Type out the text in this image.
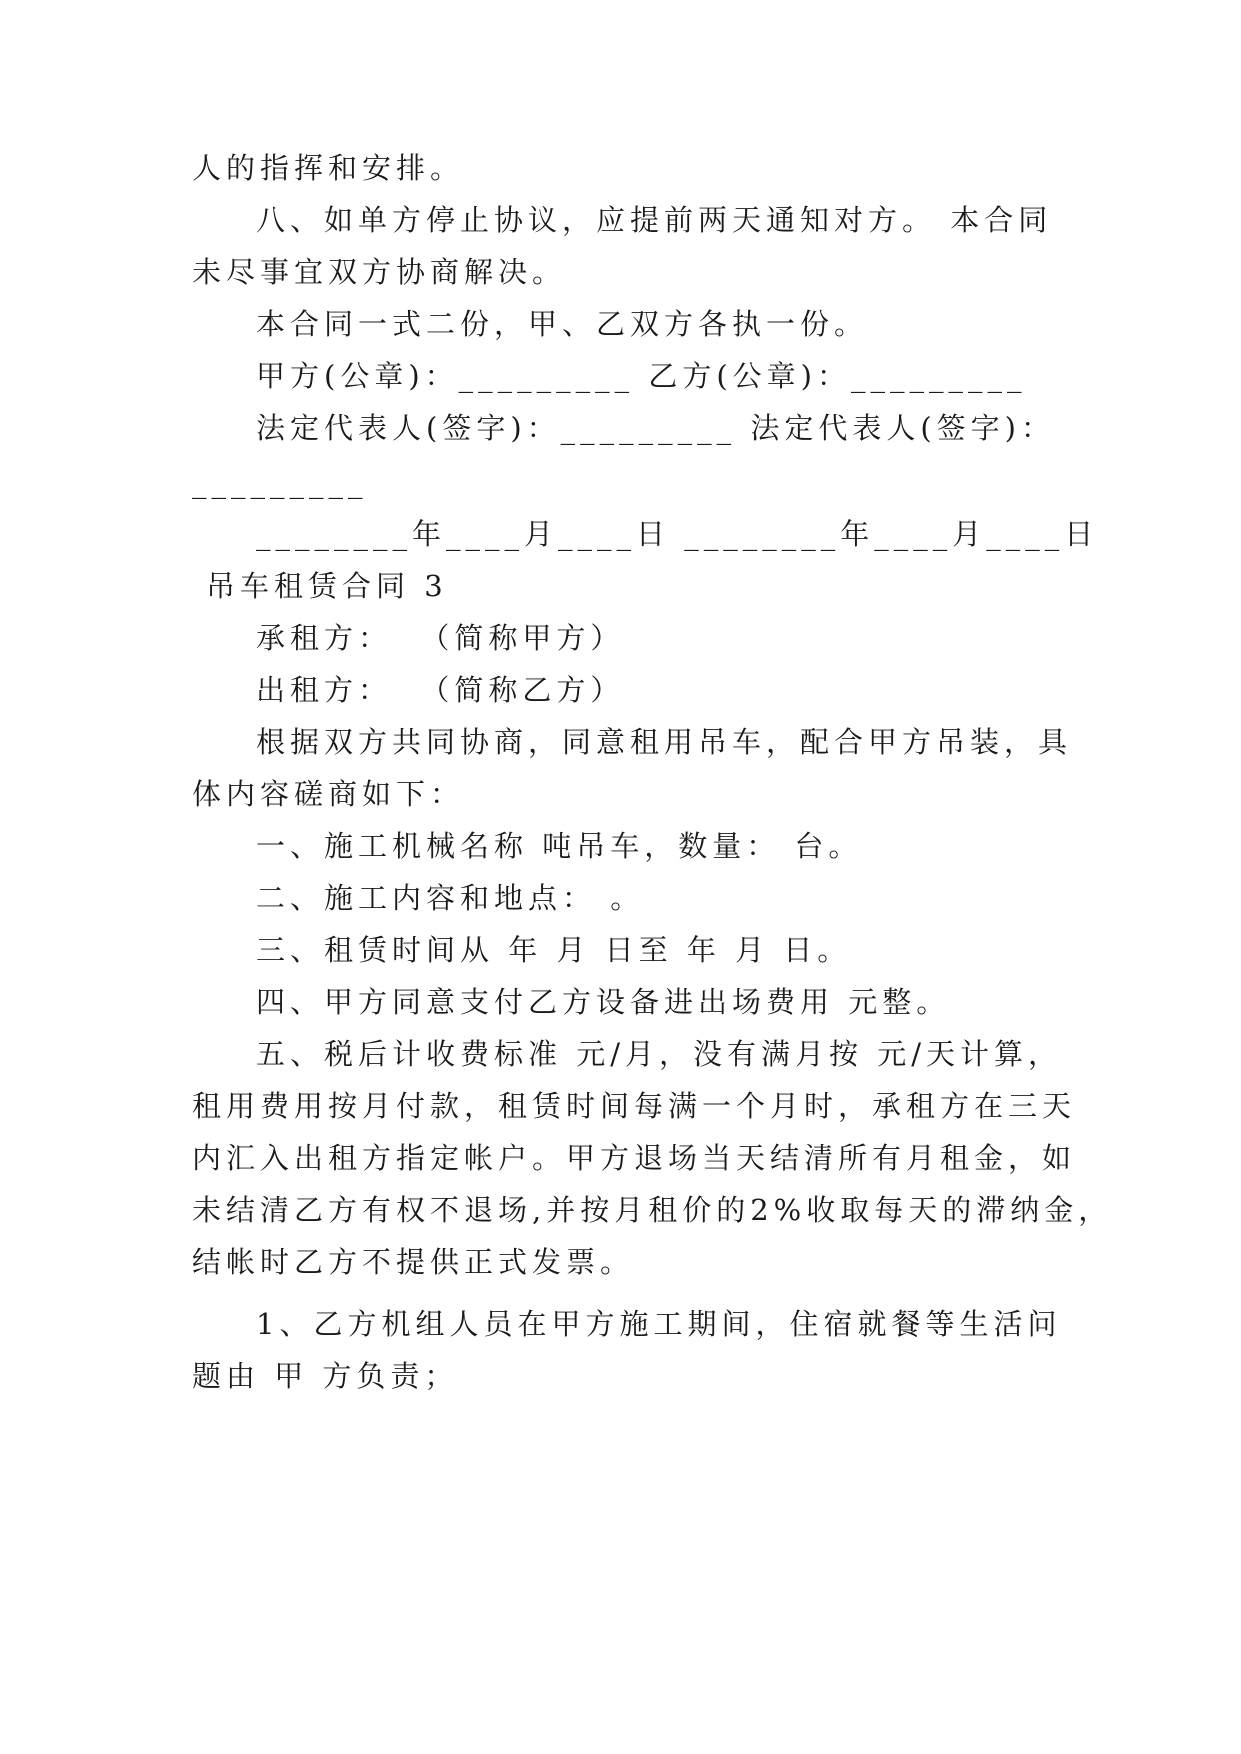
人的指挥和安排。
八、如单方停止协议，应提前两天通知对方。 本合同
未尽事宜双方协商解决。
本合同一式二份，甲、乙双方各执一份。
甲方(公章)：_________ 乙方(公章)：_________
法定代表人(签字)：_________ 法定代表人(签字)：
_________
________年____月____日 ________年____月____日
吊车租赁合同 3
承租方：  （简称甲方）
出租方：  （简称乙方）
根据双方共同协商，同意租用吊车，配合甲方吊装，具
体内容磋商如下：
一、施工机械名称 吨吊车，数量： 台。
二、施工内容和地点： 。
三、租赁时间从 年 月 日至 年 月 日。
四、甲方同意支付乙方设备进出场费用 元整。
五、税后计收费标准 元/月，没有满月按 元/天计算，
租用费用按月付款，租赁时间每满一个月时，承租方在三天
内汇入出租方指定帐户。甲方退场当天结清所有月租金，如
未结清乙方有权不退场,并按月租价的2%收取每天的滞纳金，
结帐时乙方不提供正式发票。
1、乙方机组人员在甲方施工期间，住宿就餐等生活问
题由 甲 方负责；
